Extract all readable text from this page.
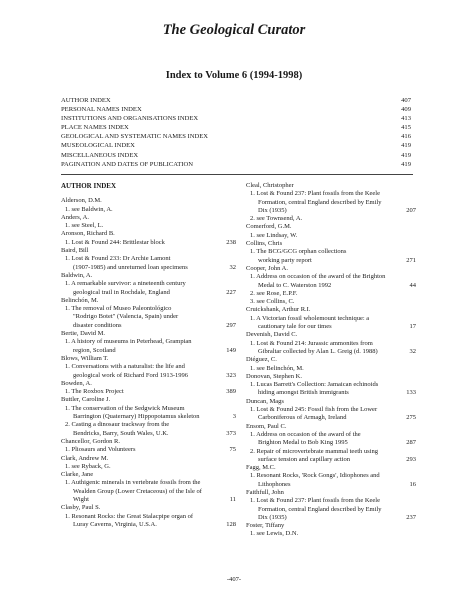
The Geological Curator
Index to Volume 6 (1994-1998)
AUTHOR INDEX	407
PERSONAL NAMES INDEX	409
INSTITUTIONS AND ORGANISATIONS INDEX	413
PLACE NAMES INDEX	415
GEOLOGICAL AND SYSTEMATIC NAMES INDEX	416
MUSEOLOGICAL INDEX	419
MISCELLANEOUS INDEX	419
PAGINATION AND DATES OF PUBLICATION	419
AUTHOR INDEX
Alderson, D.M.
1. see Baldwin, A.
Anders, A.
1. see Steel, L.
Aronson, Richard B.
1. Lost & Found 244: Brittlestar block	238
Baird, Bill
1. Lost & Found 233: Dr Archie Lamont
(1907-1985) and unreturned loan specimens	32
Baldwin, A.
1. A remarkable survivor: a nineteenth century
geological trail in Rochdale, England	227
Belinchón, M.
1. The removal of Museo Paleontológico
"Rodrigo Botet" (Valencia, Spain) under
disaster conditions	297
Bertie, David M.
1. A history of museums in Peterhead, Grampian
region, Scotland	149
Blows, William T.
1. Conversations with a naturalist: the life and
geological work of Richard Ford 1913-1996	323
Bowden, A.
1. The Roxbox Project	389
Buttler, Caroline J.
1. The conservation of the Sedgwick Museum
Barrington (Quaternary) Hippopotamus skeleton	3
2. Casting a dinosaur trackway from the
Bendricks, Barry, South Wales, U.K.	373
Chancellor, Gordon R.
1. Pliosaurs and Volunteers	75
Clark, Andrew M.
1. see Ryback, G.
Clarke, Jane
1. Authigenic minerals in vertebrate fossils from the
Wealden Group (Lower Cretaceous) of the Isle of
Wight	11
Clasby, Paul S.
1. Resonant Rocks: the Great Stalacpipe organ of
Luray Caverns, Virginia, U.S.A.	128
Cleal, Christopher
1. Lost & Found 237: Plant fossils from the Keele
Formation, central England described by Emily
Dix (1935)	207
2. see Townsend, A.
Comerford, G.M.
1. see Lindsay, W.
Collins, Chris
1. The BCG/GCG orphan collections
working party report	271
Cooper, John A.
1. Address on occasion of the award of the Brighton
Medal to C. Waterston 1992	44
2. see Rose, E.P.F.
3. see Collins, C.
Cruickshank, Arthur R.I.
1. A Victorian fossil wholemount technique: a
cautionary tale for our times	17
Devenish, David C.
1. Lost & Found 214: Jurassic ammonites from
Gibraltar collected by Alan L. Greig (d. 1988)	32
Diéguez, C.
1. see Belinchón, M.
Donovan, Stephen K.
1. Lucas Barrett's Collection: Jamaican echinoids
hiding amongst British immigrants	133
Duncan, Mags
1. Lost & Found 245: Fossil fish from the Lower
Carboniferous of Armagh, Ireland	275
Ensom, Paul C.
1. Address on occasion of the award of the
Brighton Medal to Bob King 1995	287
2. Repair of microvertebrate mammal teeth using
surface tension and capillary action	293
Fagg, M.C.
1. Resonant Rocks, 'Rock Gongs', Idiophones and
Lithophones	16
Faithfull, John
1. Lost & Found 237: Plant fossils from the Keele
Formation, central England described by Emily
Dix (1935)	237
Foster, Tiffany
1. see Lewis, D.N.
-407-
